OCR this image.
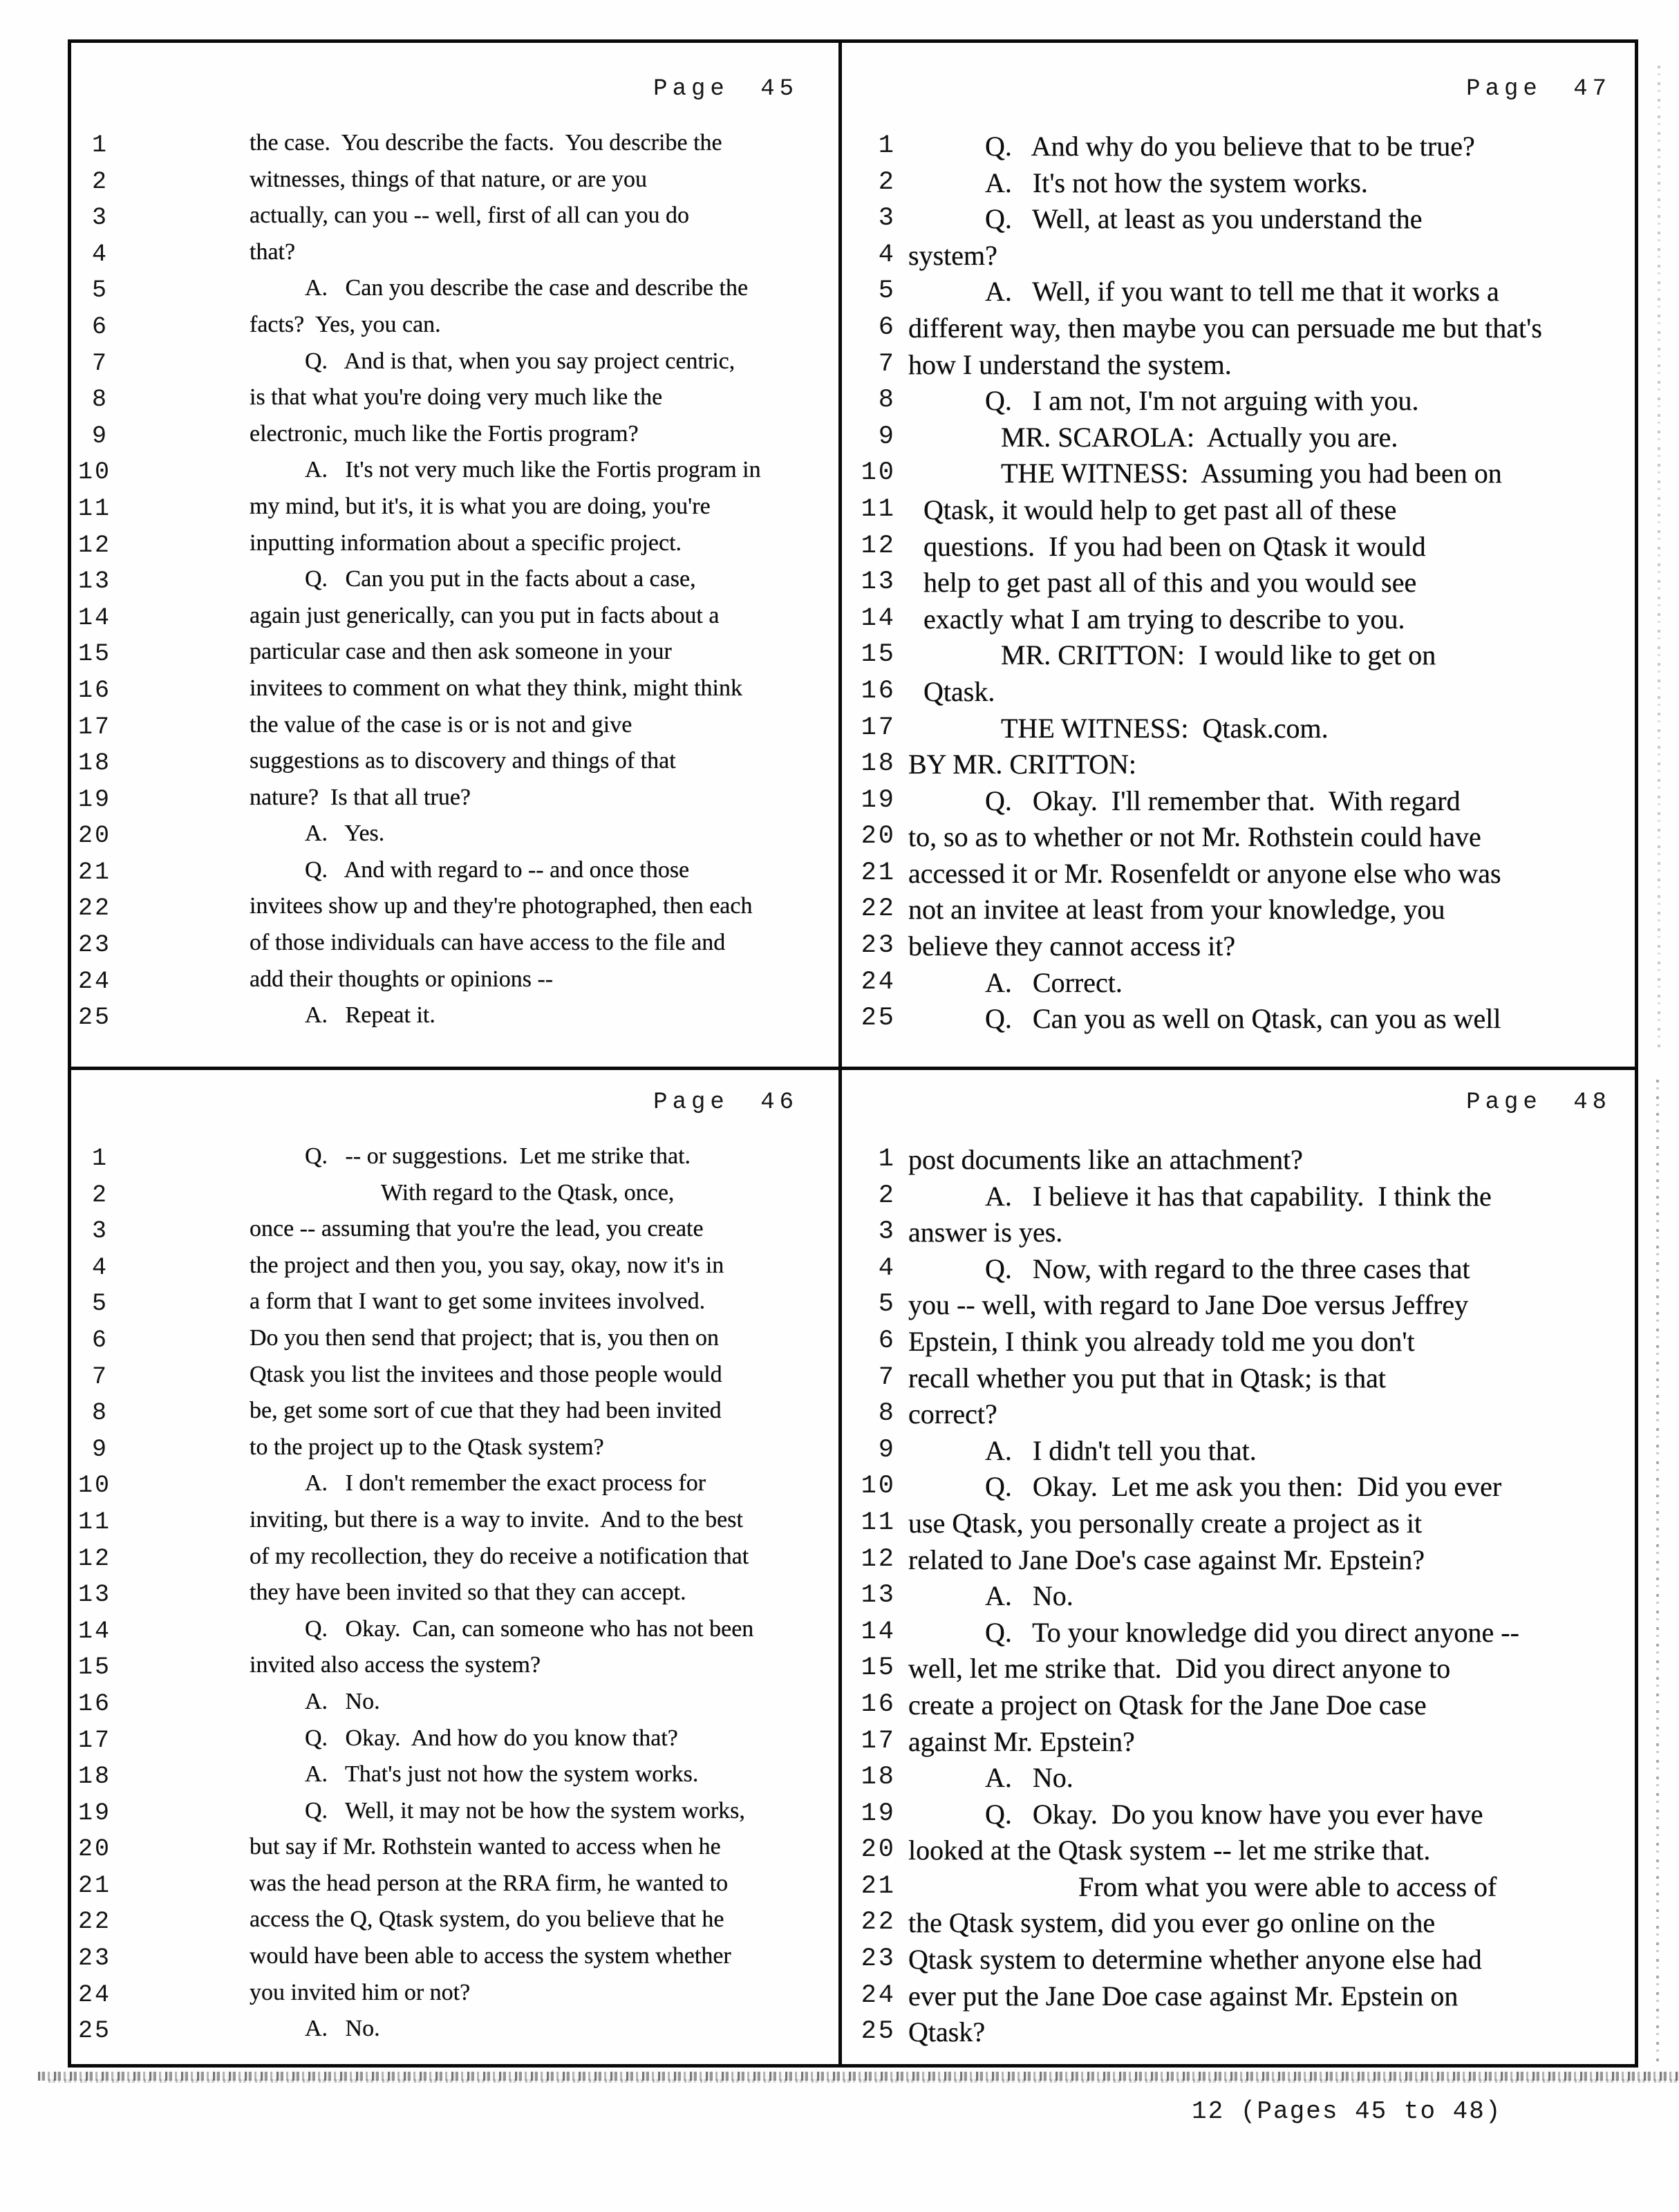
Page 45
1	the case.  You describe the facts.  You describe the
2	witnesses, things of that nature, or are you
3	actually, can you -- well, first of all can you do
4	that?
5	A.   Can you describe the case and describe the
6	facts?  Yes, you can.
7	Q.   And is that, when you say project centric,
8	is that what you're doing very much like the
9	electronic, much like the Fortis program?
10	A.   It's not very much like the Fortis program in
11	my mind, but it's, it is what you are doing, you're
12	inputting information about a specific project.
13	Q.   Can you put in the facts about a case,
14	again just generically, can you put in facts about a
15	particular case and then ask someone in your
16	invitees to comment on what they think, might think
17	the value of the case is or is not and give
18	suggestions as to discovery and things of that
19	nature?  Is that all true?
20	A.   Yes.
21	Q.   And with regard to -- and once those
22	invitees show up and they're photographed, then each
23	of those individuals can have access to the file and
24	add their thoughts or opinions --
25	A.   Repeat it.
Page 47
1	Q.   And why do you believe that to be true?
2	A.   It's not how the system works.
3	Q.   Well, at least as you understand the
4 system?
5	A.   Well, if you want to tell me that it works a
6 different way, then maybe you can persuade me but that's
7 how I understand the system.
8	Q.   I am not, I'm not arguing with you.
9	MR. SCAROLA:  Actually you are.
10	THE WITNESS:  Assuming you had been on
11 Qtask, it would help to get past all of these
12 questions.  If you had been on Qtask it would
13 help to get past all of this and you would see
14 exactly what I am trying to describe to you.
15	MR. CRITTON:  I would like to get on
16 Qtask.
17	THE WITNESS:  Qtask.com.
18 BY MR. CRITTON:
19	Q.   Okay.  I'll remember that.  With regard
20 to, so as to whether or not Mr. Rothstein could have
21 accessed it or Mr. Rosenfeldt or anyone else who was
22 not an invitee at least from your knowledge, you
23 believe they cannot access it?
24	A.   Correct.
25	Q.   Can you as well on Qtask, can you as well
Page 46
1	Q.   -- or suggestions.  Let me strike that.
2	With regard to the Qtask, once,
3	once -- assuming that you're the lead, you create
4	the project and then you, you say, okay, now it's in
5	a form that I want to get some invitees involved.
6	Do you then send that project; that is, you then on
7	Qtask you list the invitees and those people would
8	be, get some sort of cue that they had been invited
9	to the project up to the Qtask system?
10	A.   I don't remember the exact process for
11	inviting, but there is a way to invite.  And to the best
12	of my recollection, they do receive a notification that
13	they have been invited so that they can accept.
14	Q.   Okay.  Can, can someone who has not been
15	invited also access the system?
16	A.   No.
17	Q.   Okay.  And how do you know that?
18	A.   That's just not how the system works.
19	Q.   Well, it may not be how the system works,
20	but say if Mr. Rothstein wanted to access when he
21	was the head person at the RRA firm, he wanted to
22	access the Q, Qtask system, do you believe that he
23	would have been able to access the system whether
24	you invited him or not?
25	A.   No.
Page 48
1 post documents like an attachment?
2	A.   I believe it has that capability.  I think the
3 answer is yes.
4	Q.   Now, with regard to the three cases that
5 you -- well, with regard to Jane Doe versus Jeffrey
6 Epstein, I think you already told me you don't
7 recall whether you put that in Qtask; is that
8 correct?
9	A.   I didn't tell you that.
10	Q.   Okay.  Let me ask you then:  Did you ever
11 use Qtask, you personally create a project as it
12 related to Jane Doe's case against Mr. Epstein?
13	A.   No.
14	Q.   To your knowledge did you direct anyone --
15 well, let me strike that.  Did you direct anyone to
16 create a project on Qtask for the Jane Doe case
17 against Mr. Epstein?
18	A.   No.
19	Q.   Okay.  Do you know have you ever have
20 looked at the Qtask system -- let me strike that.
21	From what you were able to access of
22 the Qtask system, did you ever go online on the
23 Qtask system to determine whether anyone else had
24 ever put the Jane Doe case against Mr. Epstein on
25 Qtask?
12 (Pages 45 to 48)
